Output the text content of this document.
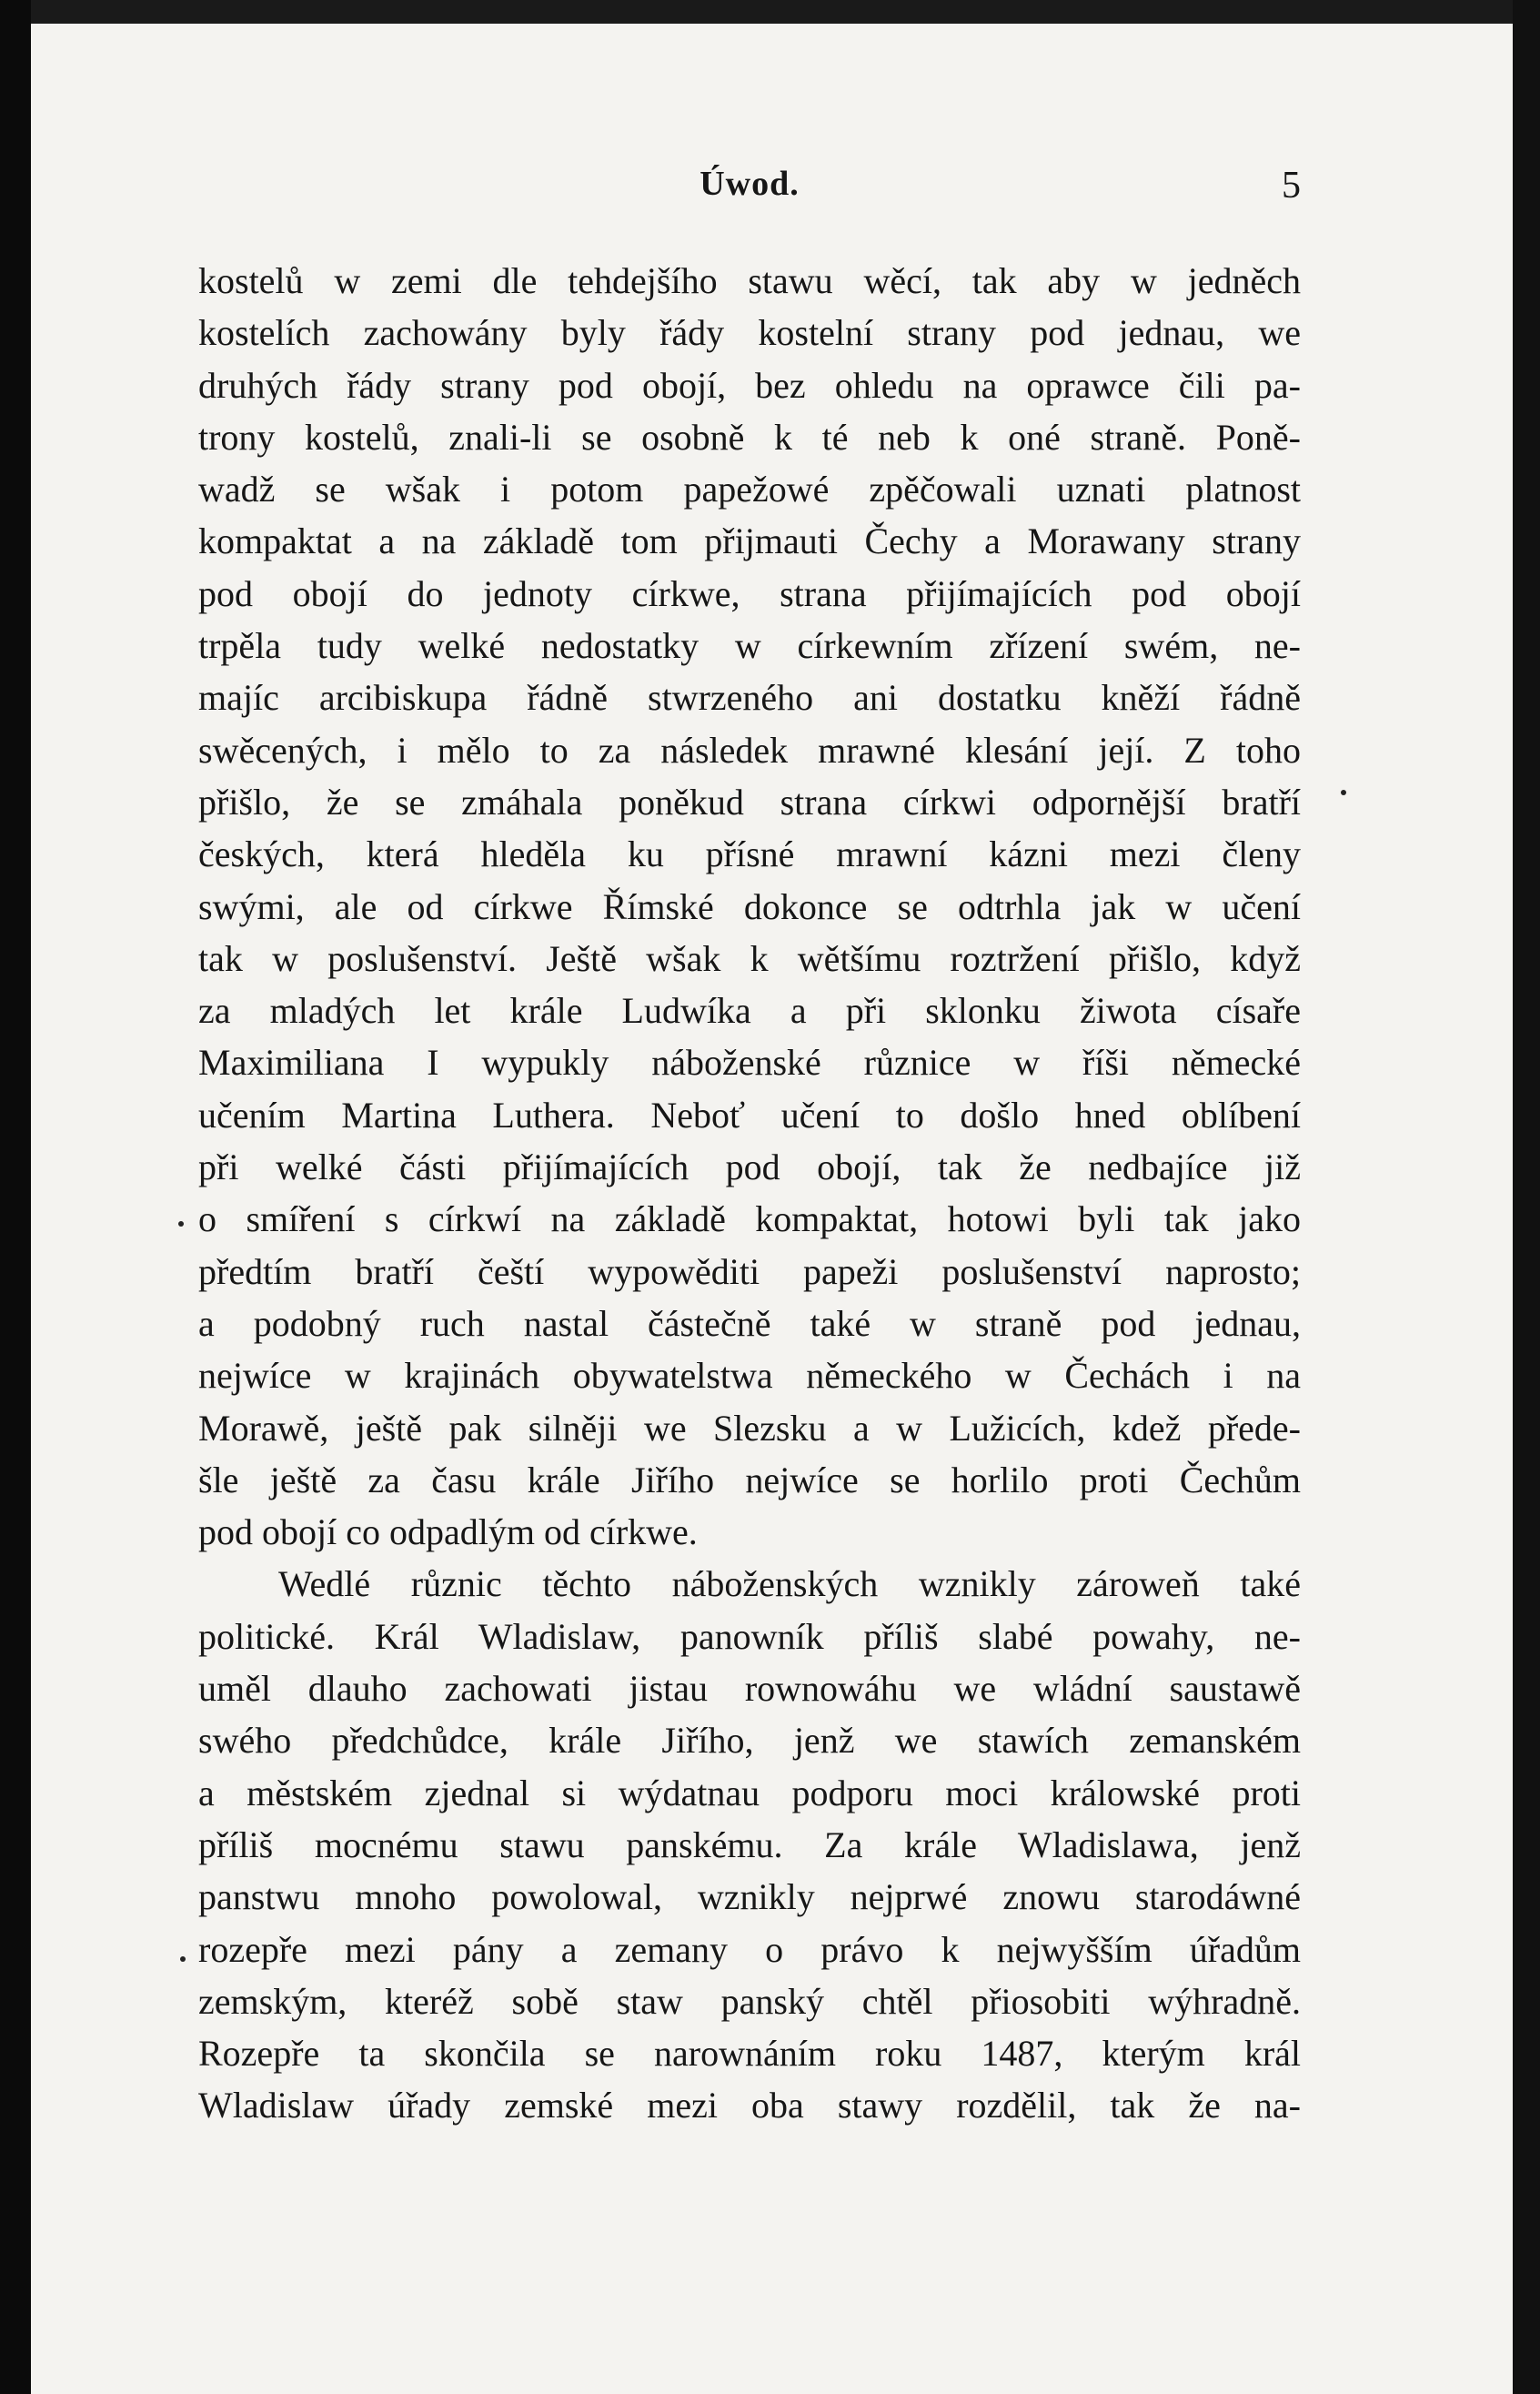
Úwod.	5
kostelů w zemi dle tehdejšího stawu wěcí, tak aby w jedněch
kostelích zachowány byly řády kostelní strany pod jednau, we
druhých řády strany pod obojí, bez ohledu na oprawce čili pa-
trony kostelů, znali-li se osobně k té neb k oné straně. Poně-
wadž se wšak i potom papežowé zpěčowali uznati platnost
kompaktat a na základě tom přijmauti Čechy a Morawany strany
pod obojí do jednoty církwe, strana přijímajících pod obojí
trpěla tudy welké nedostatky w církewním zřízení swém, ne-
majíc arcibiskupa řádně stwrzeného ani dostatku kněží řádně
swěcených, i mělo to za následek mrawné klesání její. Z toho
přišlo, že se zmáhala poněkud strana církwi odpornější bratří
českých, která hleděla ku přísné mrawní kázni mezi členy
swými, ale od církwe Římské dokonce se odtrhla jak w učení
tak w poslušenství. Ještě wšak k wětšímu roztržení přišlo, když
za mladých let krále Ludwíka a při sklonku žiwota císaře
Maximiliana I wypukly náboženské různice w říši německé
učením Martina Luthera. Neboť učení to došlo hned oblíbení
při welké části přijímajících pod obojí, tak že nedbajíce již
o smíření s církwí na základě kompaktat, hotowi byli tak jako
předtím bratří čeští wypowěditi papeži poslušenství naprosto;
a podobný ruch nastal částečně také w straně pod jednau,
nejwíce w krajinách obywatelstwa německého w Čechách i na
Morawě, ještě pak silněji we Slezsku a w Lužicích, kdež přede-
šle ještě za času krále Jiřího nejwíce se horlilo proti Čechům
pod obojí co odpadlým od církwe.
Wedlé různic těchto náboženských wznikly zároweň také
politické. Král Wladislaw, panowník příliš slabé powahy, ne-
uměl dlauho zachowati jistau rownowáhu we wládní saustawě
swého předchůdce, krále Jiřího, jenž we stawích zemanském
a městském zjednal si wýdatnau podporu moci králowské proti
příliš mocnému stawu panskému. Za krále Wladislawa, jenž
panstwu mnoho powolowal, wznikly nejprwé znowu starodáwné
rozepře mezi pány a zemany o právo k nejwyšším úřadům
zemským, kteréž sobě staw panský chtěl přiosobiti wýhradně.
Rozepře ta skončila se narownáním roku 1487, kterým král
Wladislaw úřady zemské mezi oba stawy rozdělil, tak že na-
